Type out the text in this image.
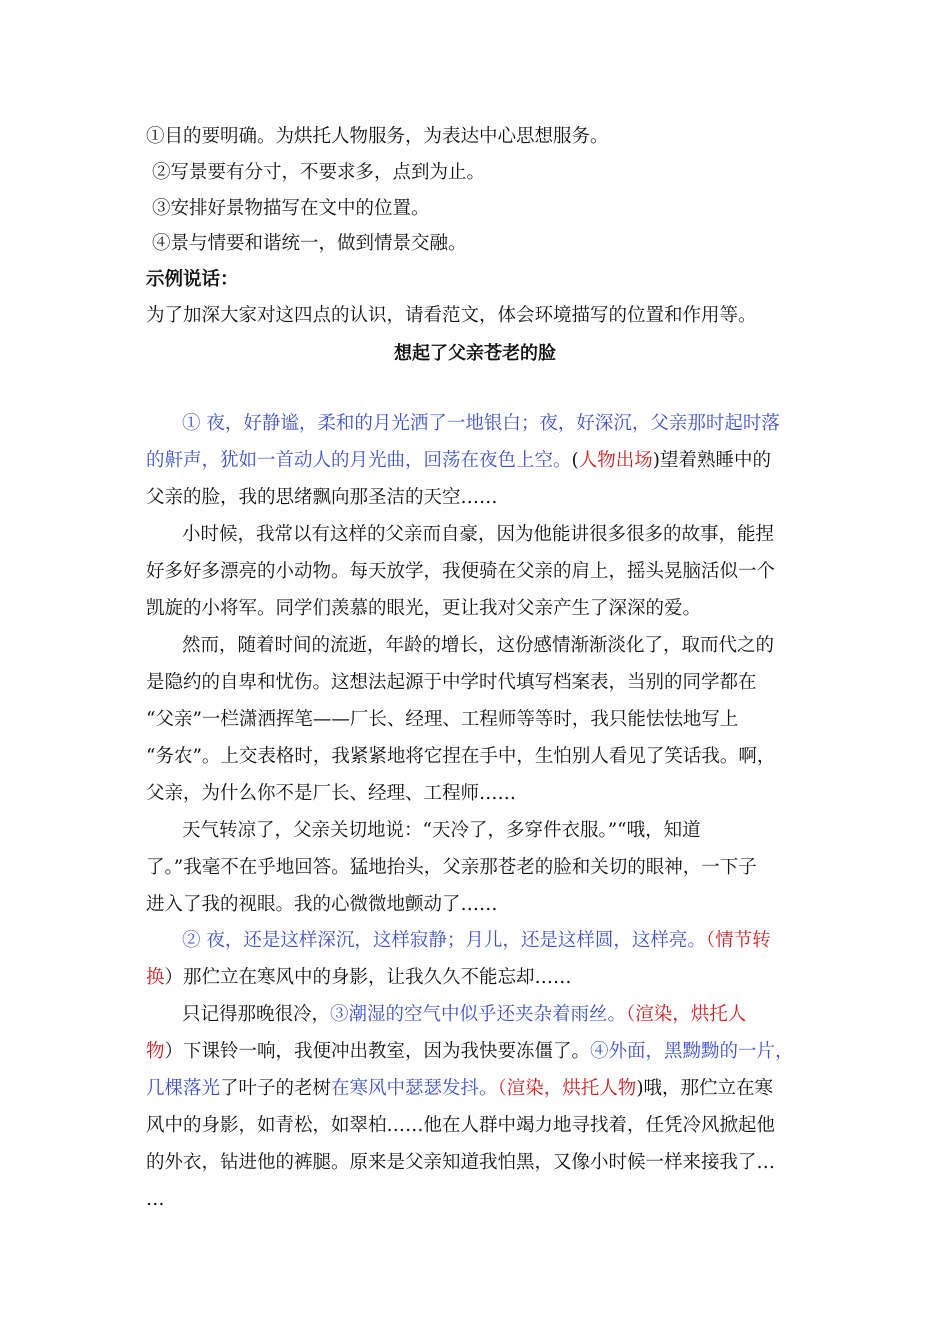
①目的要明确。为烘托人物服务，为表达中心思想服务。
②写景要有分寸，不要求多，点到为止。
③安排好景物描写在文中的位置。
④景与情要和谐统一，做到情景交融。
示例说话：
为了加深大家对这四点的认识，请看范文，体会环境描写的位置和作用等。
想起了父亲苍老的脸
① 夜，好静谧，柔和的月光洒了一地银白；夜，好深沉，父亲那时起时落
的鼾声，犹如一首动人的月光曲，回荡在夜色上空。(人物出场)望着熟睡中的
父亲的脸，我的思绪飘向那圣洁的天空……
小时候，我常以有这样的父亲而自豪，因为他能讲很多很多的故事，能捏
好多好多漂亮的小动物。每天放学，我便骑在父亲的肩上，摇头晃脑活似一个
凯旋的小将军。同学们羡慕的眼光，更让我对父亲产生了深深的爱。
然而，随着时间的流逝，年龄的增长，这份感情渐渐淡化了，取而代之的
是隐约的自卑和忧伤。这想法起源于中学时代填写档案表，当别的同学都在
“父亲”一栏潇洒挥笔——厂长、经理、工程师等等时，我只能怯怯地写上
“务农”。上交表格时，我紧紧地将它捏在手中，生怕别人看见了笑话我。啊，
父亲，为什么你不是厂长、经理、工程师……
天气转凉了，父亲关切地说：“天冷了，多穿件衣服。”“哦，知道
了。”我毫不在乎地回答。猛地抬头，父亲那苍老的脸和关切的眼神，一下子
进入了我的视眼。我的心微微地颤动了……
② 夜，还是这样深沉，这样寂静；月儿，还是这样圆，这样亮。（情节转
换）那伫立在寒风中的身影，让我久久不能忘却……
只记得那晚很冷，③潮湿的空气中似乎还夹杂着雨丝。（渲染，烘托人
物）下课铃一响，我便冲出教室，因为我快要冻僵了。④外面，黑黝黝的一片，
几棵落光了叶子的老树在寒风中瑟瑟发抖。（渲染，烘托人物)哦，那伫立在寒
风中的身影，如青松，如翠柏……他在人群中竭力地寻找着，任凭冷风掀起他
的外衣，钻进他的裤腿。原来是父亲知道我怕黑，又像小时候一样来接我了…
…
